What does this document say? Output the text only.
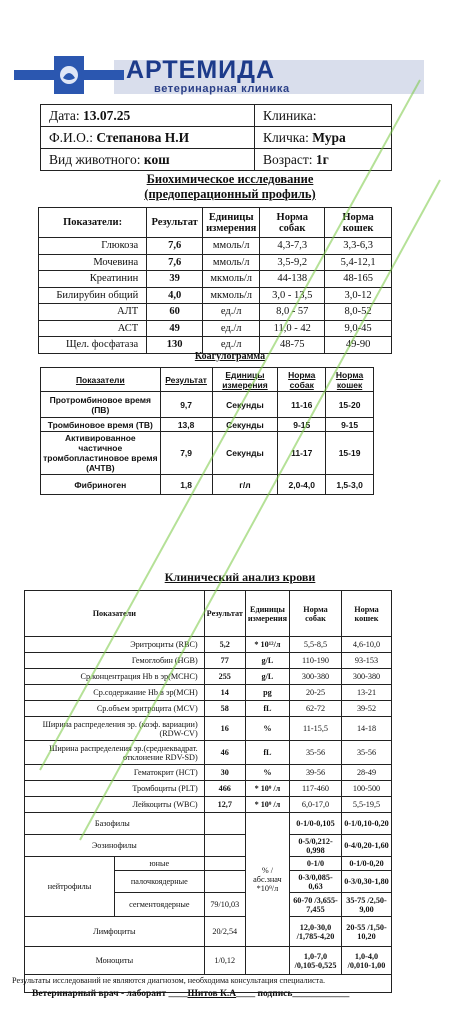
АРТЕМИДА
ветеринарная клиника
Дата: 13.07.25	Клиника:
Ф.И.О.: Степанова Н.И	Кличка: Мура
Вид животного: кош	Возраст: 1г
Биохимическое исследование
(предоперационный профиль)
Показатели:	Результат	Единицы измерения	Норма собак	Норма кошек
Глюкоза	7,6	ммоль/л	4,3-7,3	3,3-6,3
Мочевина	7,6	ммоль/л	3,5-9,2	5,4-12,1
Креатинин	39	мкмоль/л	44-138	48-165
Билирубин общий	4,0	мкмоль/л	3,0 - 13,5	3,0-12
АЛТ	60	ед./л	8,0 - 57	8,0-52
АСТ	49	ед./л	11,0 - 42	9,0-45
Щел. фосфатаза	130	ед./л	48-75	49-90
Коагулограмма
Показатели	Результат	Единицы измерения	Норма собак	Норма кошек
Протромбиновое время (ПВ)	9,7	Секунды	11-16	15-20
Тромбиновое время (ТВ)	13,8	Секунды	9-15	9-15
Активированное частичное тромбопластиновое время (АЧТВ)	7,9	Секунды	11-17	15-19
Фибриноген	1,8	г/л	2,0-4,0	1,5-3,0
Клинический анализ крови
Показатели		Результат	Единицы измерения	Норма собак	Норма кошек
Эритроциты (RBC)		5,2	* 10¹²/л	5,5-8,5	4,6-10,0
Гемоглобин (HGB)		77	g/L	110-190	93-153
Ср.концентрация Hb в эр(MCHC)		255	g/L	300-380	300-380
Ср.содержание Hb в эр(MCH)		14	pg	20-25	13-21
Ср.объем эритроцита (MCV)		58	fL	62-72	39-52
Ширина распределения эр. (коэф. вариации) (RDW-CV)		16	%	11-15,5	14-18
Ширина распределения эр.(среднеквадрат. отклонение RDV-SD)		46	fL	35-56	35-56
Гематокрит (HCT)		30	%	39-56	28-49
Тромбоциты (PLT)		466	* 10⁹ /л	117-460	100-500
Лейкоциты (WBC)		12,7	* 10⁹ /л	6,0-17,0	5,5-19,5
Базофилы			% /абс.знач *10⁹/л	0-1/0-0,105	0-1/0,10-0,20
Эозинофилы				0-5/0,212-0,998	0-4/0,20-1,60
нейтрофилы	юные			0-1/0	0-1/0-0,20
	палочкоядерные			0-3/0,085-0,63	0-3/0,30-1,80
	сегментоядерные	79/10,03		60-70 /3,655-7,455	35-75 /2,50-9,00
Лимфоциты		20/2,54		12,0-30,0 /1,785-4,20	20-55 /1,50-10,20
Моноциты		1/0,12		1,0-7,0 /0,105-0,525	1,0-4,0 /0,010-1,00

Результаты исследований не являются диагнозом, необходима консультация специалиста.
Ветеринарный врач - лаборант ____Шитов К.А____ подпись____________
